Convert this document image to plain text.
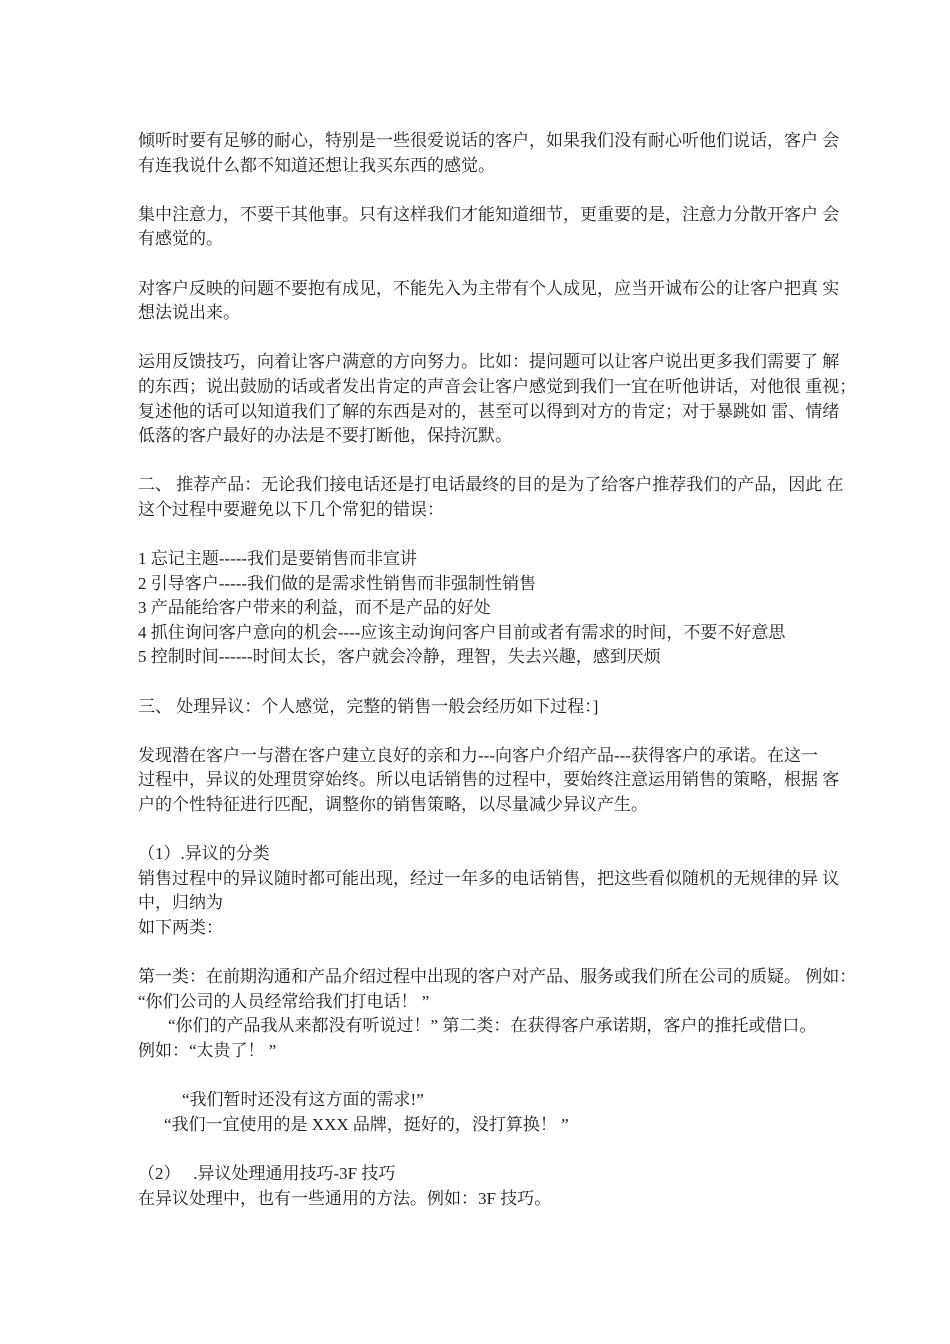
倾听时要有足够的耐心，特别是一些很爱说话的客户，如果我们没有耐心听他们说话，客户 会
有连我说什么都不知道还想让我买东西的感觉。
集中注意力，不要干其他事。只有这样我们才能知道细节，更重要的是，注意力分散开客户 会
有感觉的。
对客户反映的问题不要抱有成见，不能先入为主带有个人成见，应当开诚布公的让客户把真 实
想法说出来。
运用反馈技巧，向着让客户满意的方向努力。比如：提问题可以让客户说出更多我们需要了 解
的东西；说出鼓励的话或者发出肯定的声音会让客户感觉到我们一宜在听他讲话，对他很 重视；
复述他的话可以知道我们了解的东西是对的，甚至可以得到对方的肯定；对于暴跳如 雷、情绪
低落的客户最好的办法是不要打断他，保持沉默。
二、 推荐产品：无论我们接电话还是打电话最终的目的是为了给客户推荐我们的产品，因此 在
这个过程中要避免以下几个常犯的错误：
1 忘记主题-----我们是要销售而非宣讲
2 引导客户-----我们做的是需求性销售而非强制性销售
3 产品能给客户带来的利益，而不是产品的好处
4 抓住询问客户意向的机会----应该主动询问客户目前或者有需求的时间，不要不好意思
5 控制时间------时间太长，客户就会冷静，理智，失去兴趣，感到厌烦
三、 处理异议：个人感觉，完整的销售一般会经历如下过程：]
发现潜在客户一与潜在客户建立良好的亲和力---向客户介绍产品---获得客户的承诺。在这一
过程中，异议的处理贯穿始终。所以电话销售的过程中，要始终注意运用销售的策略，根据 客
户的个性特征进行匹配，调整你的销售策略，以尽量减少异议产生。
（1）.异议的分类
销售过程中的异议随时都可能出现，经过一年多的电话销售，把这些看似随机的无规律的异 议
中，归纳为
如下两类：
第一类：在前期沟通和产品介绍过程中出现的客户对产品、服务或我们所在公司的质疑。 例如：
“你们公司的人员经常给我们打电话！ ”
“你们的产品我从来都没有听说过！” 第二类：在获得客户承诺期，客户的推托或借口。
例如：“太贵了！ ”
“我们暂时还没有这方面的需求!”
“我们一宜使用的是 XXX 品牌，挺好的，没打算换！ ”
（2）   .异议处理通用技巧-3F 技巧
在异议处理中，也有一些通用的方法。例如：3F 技巧。
